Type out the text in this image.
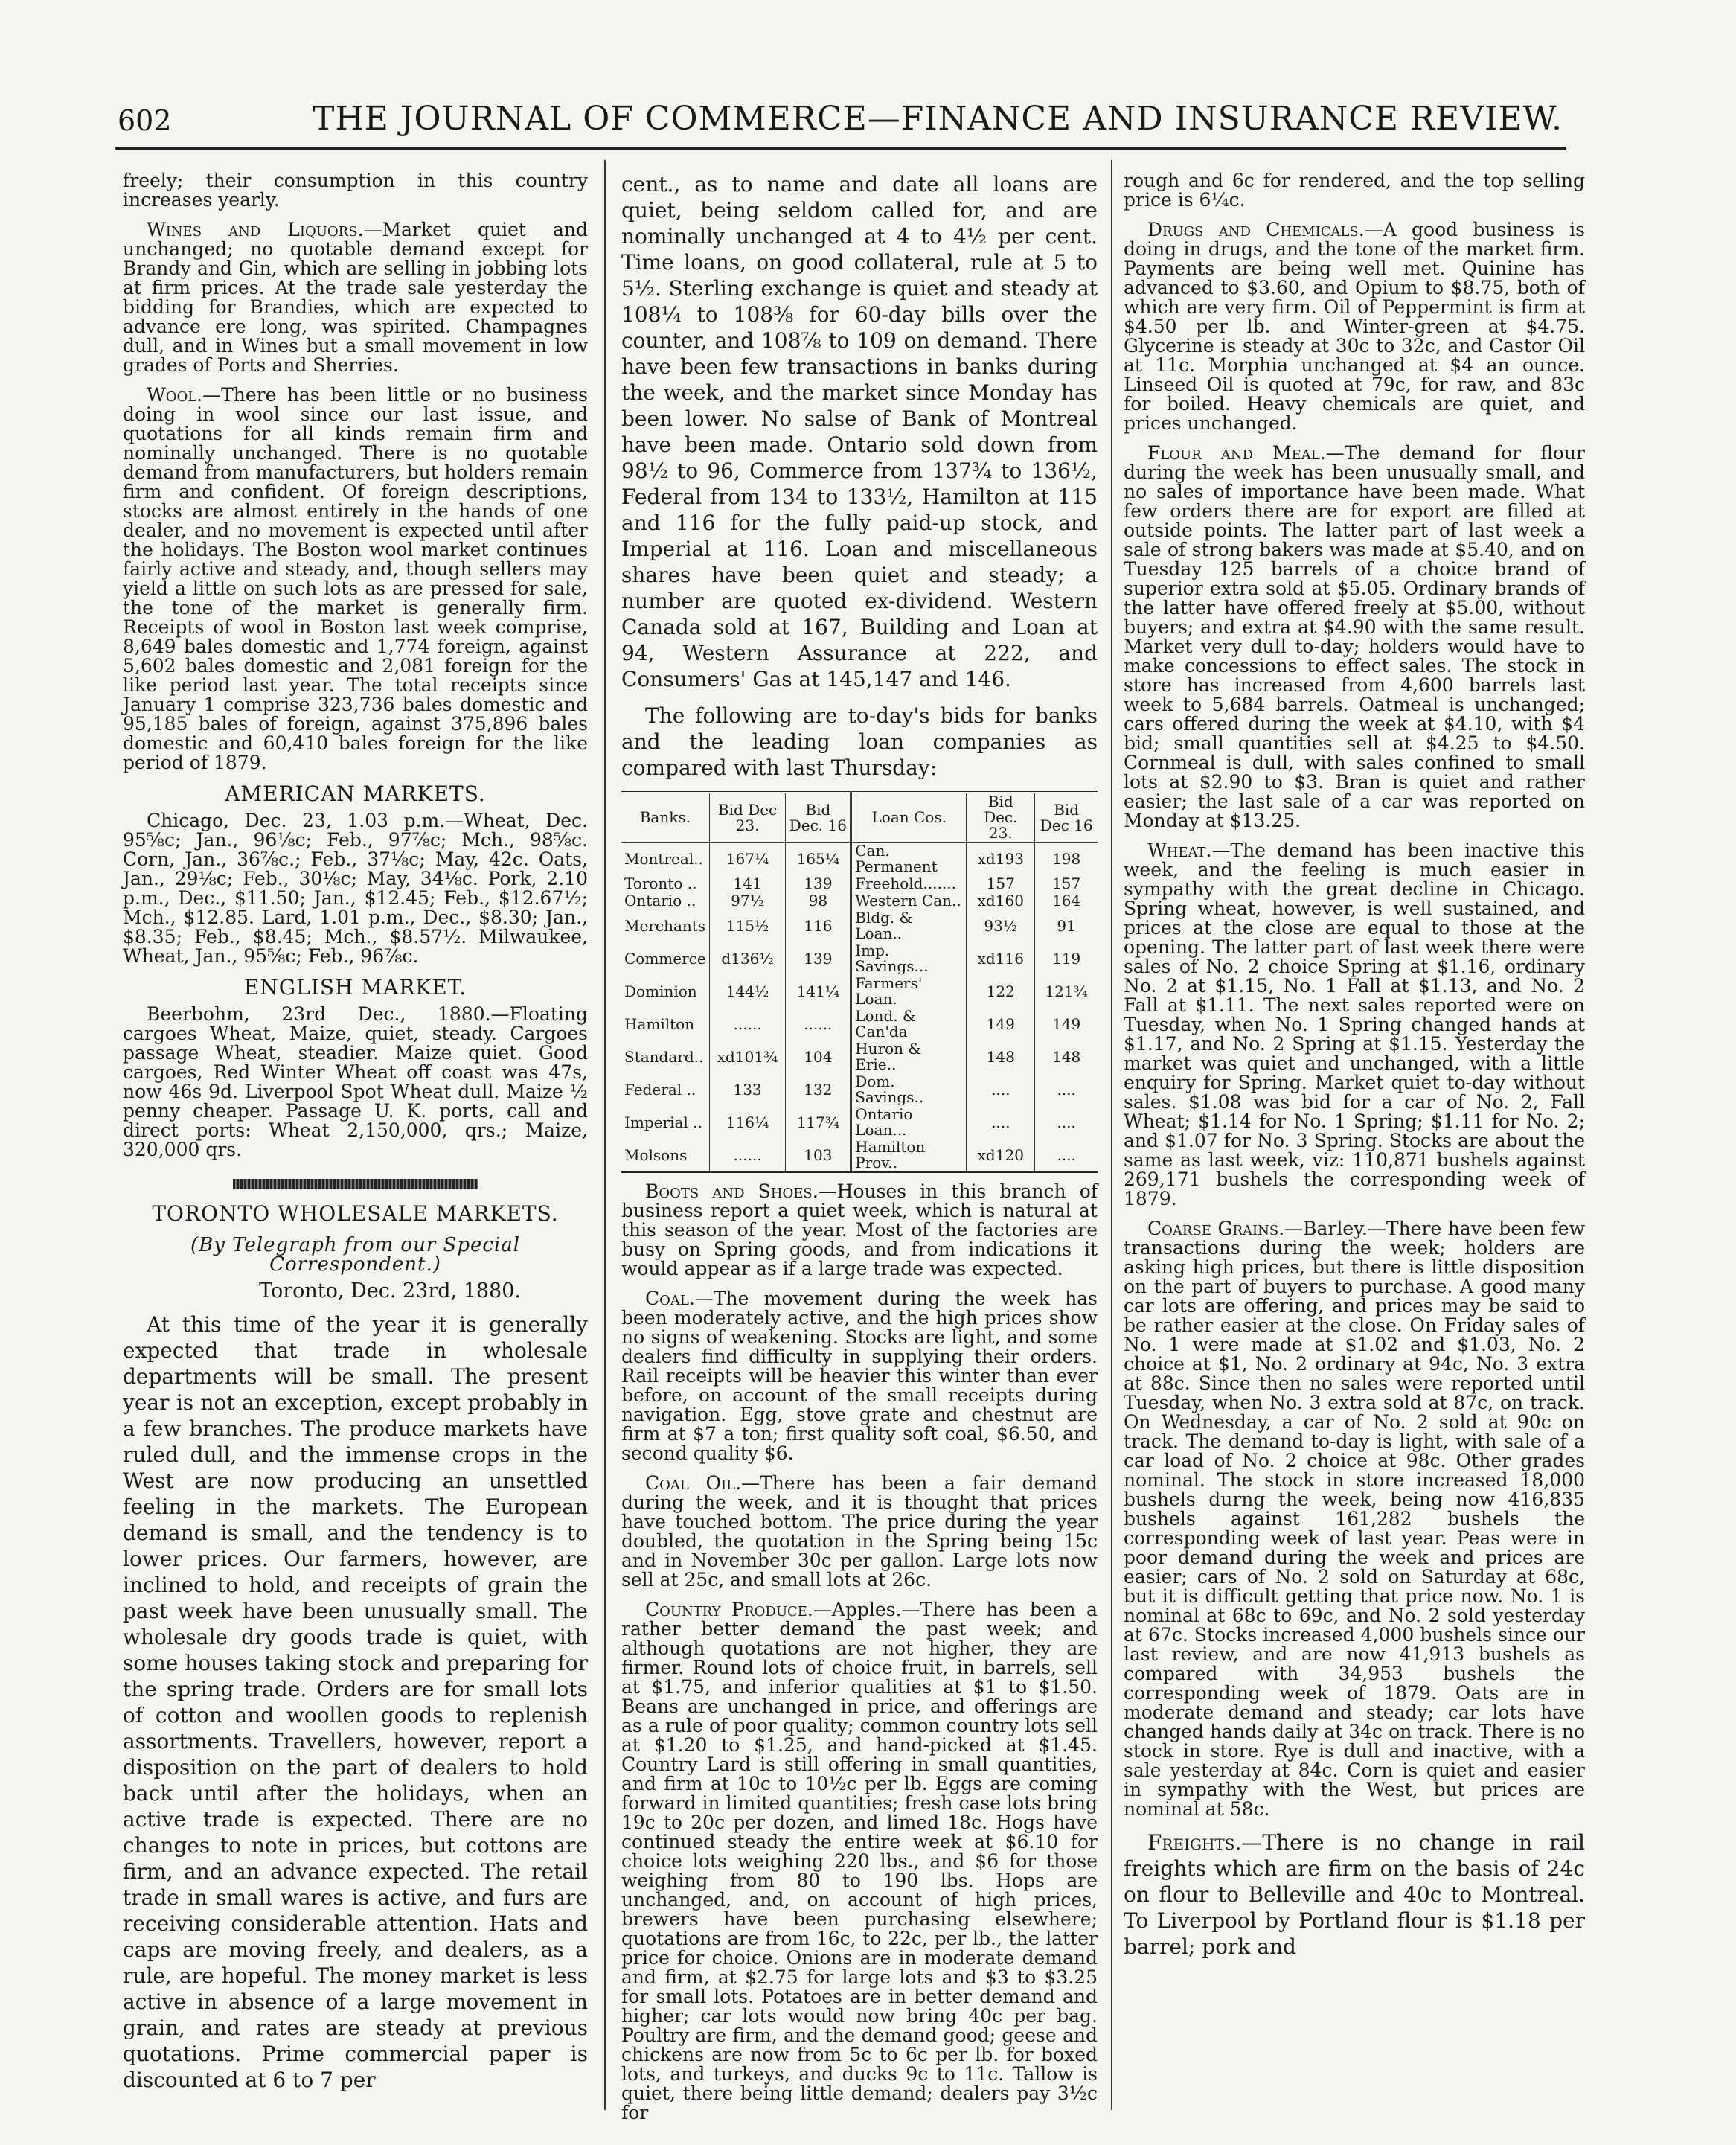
602	THE JOURNAL OF COMMERCE—FINANCE AND INSURANCE REVIEW.

freely; their consumption in this country increases yearly.

Wines and Liquors.—Market quiet and unchanged; no quotable demand except for Brandy and Gin, which are selling in jobbing lots at firm prices. At the trade sale yesterday the bidding for Brandies, which are expected to advance ere long, was spirited. Champagnes dull, and in Wines but a small movement in low grades of Ports and Sherries.

Wool.—There has been little or no business doing in wool since our last issue, and quotations for all kinds remain firm and nominally unchanged. There is no quotable demand from manufacturers, but holders remain firm and confident. Of foreign descriptions, stocks are almost entirely in the hands of one dealer, and no movement is expected until after the holidays. The Boston wool market continues fairly active and steady, and, though sellers may yield a little on such lots as are pressed for sale, the tone of the market is generally firm. Receipts of wool in Boston last week comprise, 8,649 bales domestic and 1,774 foreign, against 5,602 bales domestic and 2,081 foreign for the like period last year. The total receipts since January 1 comprise 323,736 bales domestic and 95,185 bales of foreign, against 375,896 bales domestic and 60,410 bales foreign for the like period of 1879.

AMERICAN MARKETS.

Chicago, Dec. 23, 1.03 p.m.—Wheat, Dec. 95⅝c; Jan., 96⅛c; Feb., 97⅞c; Mch., 98⅝c. Corn, Jan., 36⅞c.; Feb., 37⅛c; May, 42c. Oats, Jan., 29⅛c; Feb., 30⅛c; May, 34⅛c. Pork, 2.10 p.m., Dec., $11.50; Jan., $12.45; Feb., $12.67½; Mch., $12.85. Lard, 1.01 p.m., Dec., $8.30; Jan., $8.35; Feb., $8.45; Mch., $8.57½. Milwaukee, Wheat, Jan., 95⅝c; Feb., 96⅞c.

ENGLISH MARKET.

Beerbohm, 23rd Dec., 1880.—Floating cargoes Wheat, Maize, quiet, steady. Cargoes passage Wheat, steadier. Maize quiet. Good cargoes, Red Winter Wheat off coast was 47s, now 46s 9d. Liverpool Spot Wheat dull. Maize ½ penny cheaper. Passage U. K. ports, call and direct ports: Wheat 2,150,000, qrs.; Maize, 320,000 qrs.

TORONTO WHOLESALE MARKETS.
(By Telegraph from our Special Correspondent.)

Toronto, Dec. 23rd, 1880.

At this time of the year it is generally expected that trade in wholesale departments will be small. The present year is not an exception, except probably in a few branches. The produce markets have ruled dull, and the immense crops in the West are now producing an unsettled feeling in the markets. The European demand is small, and the tendency is to lower prices. Our farmers, however, are inclined to hold, and receipts of grain the past week have been unusually small. The wholesale dry goods trade is quiet, with some houses taking stock and preparing for the spring trade. Orders are for small lots of cotton and woollen goods to replenish assortments. Travellers, however, report a disposition on the part of dealers to hold back until after the holidays, when an active trade is expected. There are no changes to note in prices, but cottons are firm, and an advance expected. The retail trade in small wares is active, and furs are receiving considerable attention. Hats and caps are moving freely, and dealers, as a rule, are hopeful. The money market is less active in absence of a large movement in grain, and rates are steady at previous quotations. Prime commercial paper is discounted at 6 to 7 per

cent., as to name and date all loans are quiet, being seldom called for, and are nominally unchanged at 4 to 4½ per cent. Time loans, on good collateral, rule at 5 to 5½. Sterling exchange is quiet and steady at 108¼ to 108⅜ for 60-day bills over the counter, and 108⅞ to 109 on demand. There have been few transactions in banks during the week, and the market since Monday has been lower. No salse of Bank of Montreal have been made. Ontario sold down from 98½ to 96, Commerce from 137¾ to 136½, Federal from 134 to 133½, Hamilton at 115 and 116 for the fully paid-up stock, and Imperial at 116. Loan and miscellaneous shares have been quiet and steady; a number are quoted ex-dividend. Western Canada sold at 167, Building and Loan at 94, Western Assurance at 222, and Consumers' Gas at 145,147 and 146.

The following are to-day's bids for banks and the leading loan companies as compared with last Thursday:

Banks.	Bid Dec 23.	Bid Dec. 16	Loan Cos.	Bid Dec. 23.	Bid Dec 16
Montreal..	167¼	165¼	Can. Permanent	xd193	198
Toronto ..	141	139	Freehold.......	157	157
Ontario ..	97½	98	Western Can..	xd160	164
Merchants	115½	116	Bldg. & Loan..	93½	91
Commerce	d136½	139	Imp. Savings...	xd116	119
Dominion	144½	141¼	Farmers' Loan.	122	121¾
Hamilton	......	......	Lond. & Can'da	149	149
Standard..	xd101¾	104	Huron & Erie..	148	148
Federal ..	133	132	Dom. Savings..	....	....
Imperial ..	116¼	117¾	Ontario Loan...	....	....
Molsons	......	103	Hamilton Prov..	xd120	....

Boots and Shoes.—Houses in this branch of business report a quiet week, which is natural at this season of the year. Most of the factories are busy on Spring goods, and from indications it would appear as if a large trade was expected.

Coal.—The movement during the week has been moderately active, and the high prices show no signs of weakening. Stocks are light, and some dealers find difficulty in supplying their orders. Rail receipts will be heavier this winter than ever before, on account of the small receipts during navigation. Egg, stove grate and chestnut are firm at $7 a ton; first quality soft coal, $6.50, and second quality $6.

Coal Oil.—There has been a fair demand during the week, and it is thought that prices have touched bottom. The price during the year doubled, the quotation in the Spring being 15c and in November 30c per gallon. Large lots now sell at 25c, and small lots at 26c.

Country Produce.—Apples.—There has been a rather better demand the past week; and although quotations are not higher, they are firmer. Round lots of choice fruit, in barrels, sell at $1.75, and inferior qualities at $1 to $1.50. Beans are unchanged in price, and offerings are as a rule of poor quality; common country lots sell at $1.20 to $1.25, and hand-picked at $1.45. Country Lard is still offering in small quantities, and firm at 10c to 10½c per lb. Eggs are coming forward in limited quantities; fresh case lots bring 19c to 20c per dozen, and limed 18c. Hogs have continued steady the entire week at $6.10 for choice lots weighing 220 lbs., and $6 for those weighing from 80 to 190 lbs. Hops are unchanged, and, on account of high prices, brewers have been purchasing elsewhere; quotations are from 16c, to 22c, per lb., the latter price for choice. Onions are in moderate demand and firm, at $2.75 for large lots and $3 to $3.25 for small lots. Potatoes are in better demand and higher; car lots would now bring 40c per bag. Poultry are firm, and the demand good; geese and chickens are now from 5c to 6c per lb. for boxed lots, and turkeys, and ducks 9c to 11c. Tallow is quiet, there being little demand; dealers pay 3½c for

rough and 6c for rendered, and the top selling price is 6¼c.

Drugs and Chemicals.—A good business is doing in drugs, and the tone of the market firm. Payments are being well met. Quinine has advanced to $3.60, and Opium to $8.75, both of which are very firm. Oil of Peppermint is firm at $4.50 per lb. and Winter-green at $4.75. Glycerine is steady at 30c to 32c, and Castor Oil at 11c. Morphia unchanged at $4 an ounce. Linseed Oil is quoted at 79c, for raw, and 83c for boiled. Heavy chemicals are quiet, and prices unchanged.

Flour and Meal.—The demand for flour during the week has been unusually small, and no sales of importance have been made. What few orders there are for export are filled at outside points. The latter part of last week a sale of strong bakers was made at $5.40, and on Tuesday 125 barrels of a choice brand of superior extra sold at $5.05. Ordinary brands of the latter have offered freely at $5.00, without buyers; and extra at $4.90 with the same result. Market very dull to-day; holders would have to make concessions to effect sales. The stock in store has increased from 4,600 barrels last week to 5,684 barrels. Oatmeal is unchanged; cars offered during the week at $4.10, with $4 bid; small quantities sell at $4.25 to $4.50. Cornmeal is dull, with sales confined to small lots at $2.90 to $3. Bran is quiet and rather easier; the last sale of a car was reported on Monday at $13.25.

Wheat.—The demand has been inactive this week, and the feeling is much easier in sympathy with the great decline in Chicago. Spring wheat, however, is well sustained, and prices at the close are equal to those at the opening. The latter part of last week there were sales of No. 2 choice Spring at $1.16, ordinary No. 2 at $1.15, No. 1 Fall at $1.13, and No. 2 Fall at $1.11. The next sales reported were on Tuesday, when No. 1 Spring changed hands at $1.17, and No. 2 Spring at $1.15. Yesterday the market was quiet and unchanged, with a little enquiry for Spring. Market quiet to-day without sales. $1.08 was bid for a car of No. 2, Fall Wheat; $1.14 for No. 1 Spring; $1.11 for No. 2; and $1.07 for No. 3 Spring. Stocks are about the same as last week, viz: 110,871 bushels against 269,171 bushels the corresponding week of 1879.

Coarse Grains.—Barley.—There have been few transactions during the week; holders are asking high prices, but there is little disposition on the part of buyers to purchase. A good many car lots are offering, and prices may be said to be rather easier at the close. On Friday sales of No. 1 were made at $1.02 and $1.03, No. 2 choice at $1, No. 2 ordinary at 94c, No. 3 extra at 88c. Since then no sales were reported until Tuesday, when No. 3 extra sold at 87c, on track. On Wednesday, a car of No. 2 sold at 90c on track. The demand to-day is light, with sale of a car load of No. 2 choice at 98c. Other grades nominal. The stock in store increased 18,000 bushels durng the week, being now 416,835 bushels against 161,282 bushels the corresponding week of last year. Peas were in poor demand during the week and prices are easier; cars of No. 2 sold on Saturday at 68c, but it is difficult getting that price now. No. 1 is nominal at 68c to 69c, and No. 2 sold yesterday at 67c. Stocks increased 4,000 bushels since our last review, and are now 41,913 bushels as compared with 34,953 bushels the corresponding week of 1879. Oats are in moderate demand and steady; car lots have changed hands daily at 34c on track. There is no stock in store. Rye is dull and inactive, with a sale yesterday at 84c. Corn is quiet and easier in sympathy with the West, but prices are nominal at 58c.

Freights.—There is no change in rail freights which are firm on the basis of 24c on flour to Belleville and 40c to Montreal. To Liverpool by Portland flour is $1.18 per barrel; pork and
